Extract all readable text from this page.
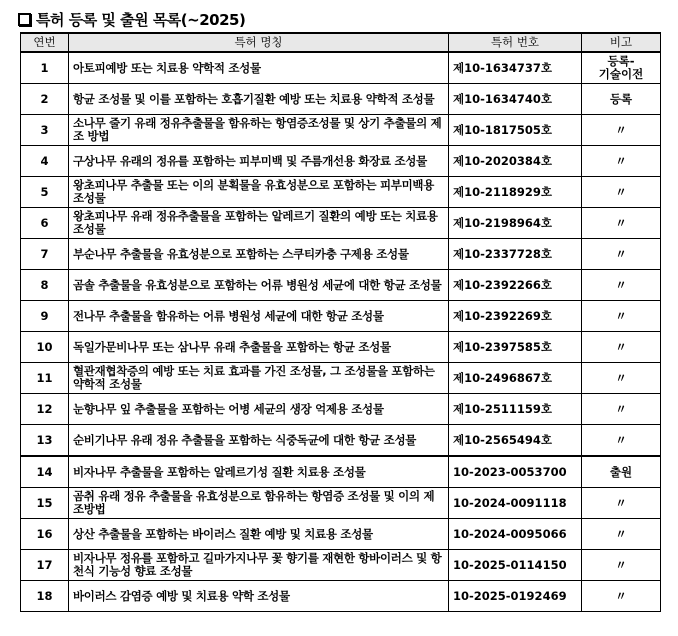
특허 등록 및 출원 목록(~2025)
연번	특허 명칭	특허 번호	비고
1	아토피예방 또는 치료용 약학적 조성물	제10-1634737호	등록-
기술이전
2	항균 조성물 및 이를 포함하는 호흡기질환 예방 또는 치료용 약학적 조성물	제10-1634740호	등록
3	소나무 줄기 유래 정유추출물을 함유하는 항염증조성물 및 상기 추출물의 제조 방법	제10-1817505호	〃
4	구상나무 유래의 정유를 포함하는 피부미백 및 주름개선용 화장료 조성물	제10-2020384호	〃
5	왕초피나무 추출물 또는 이의 분획물을 유효성분으로 포함하는 피부미백용 조성물	제10-2118929호	〃
6	왕초피나무 유래 정유추출물을 포함하는 알레르기 질환의 예방 또는 치료용 조성물	제10-2198964호	〃
7	부순나무 추출물을 유효성분으로 포함하는 스쿠티카충 구제용 조성물	제10-2337728호	〃
8	곰솔 추출물을 유효성분으로 포함하는 어류 병원성 세균에 대한 항균 조성물	제10-2392266호	〃
9	전나무 추출물을 함유하는 어류 병원성 세균에 대한 항균 조성물	제10-2392269호	〃
10	독일가문비나무 또는 삼나무 유래 추출물을 포함하는 항균 조성물	제10-2397585호	〃
11	혈관재협착증의 예방 또는 치료 효과를 가진 조성물, 그 조성물을 포함하는 약학적 조성물	제10-2496867호	〃
12	눈향나무 잎 추출물을 포함하는 어병 세균의 생장 억제용 조성물	제10-2511159호	〃
13	순비기나무 유래 정유 추출물을 포함하는 식중독균에 대한 항균 조성물	제10-2565494호	〃
14	비자나무 추출물을 포함하는 알레르기성 질환 치료용 조성물	10-2023-0053700	출원
15	곰취 유래 정유 추출물을 유효성분으로 함유하는 항염증 조성물 및 이의 제조방법	10-2024-0091118	〃
16	상산 추출물을 포함하는 바이러스 질환 예방 및 치료용 조성물	10-2024-0095066	〃
17	비자나무 정유를 포함하고 길마가지나무 꽃 향기를 재현한 항바이러스 및 항천식 기능성 향료 조성물	10-2025-0114150	〃
18	바이러스 감염증 예방 및 치료용 약학 조성물	10-2025-0192469	〃
